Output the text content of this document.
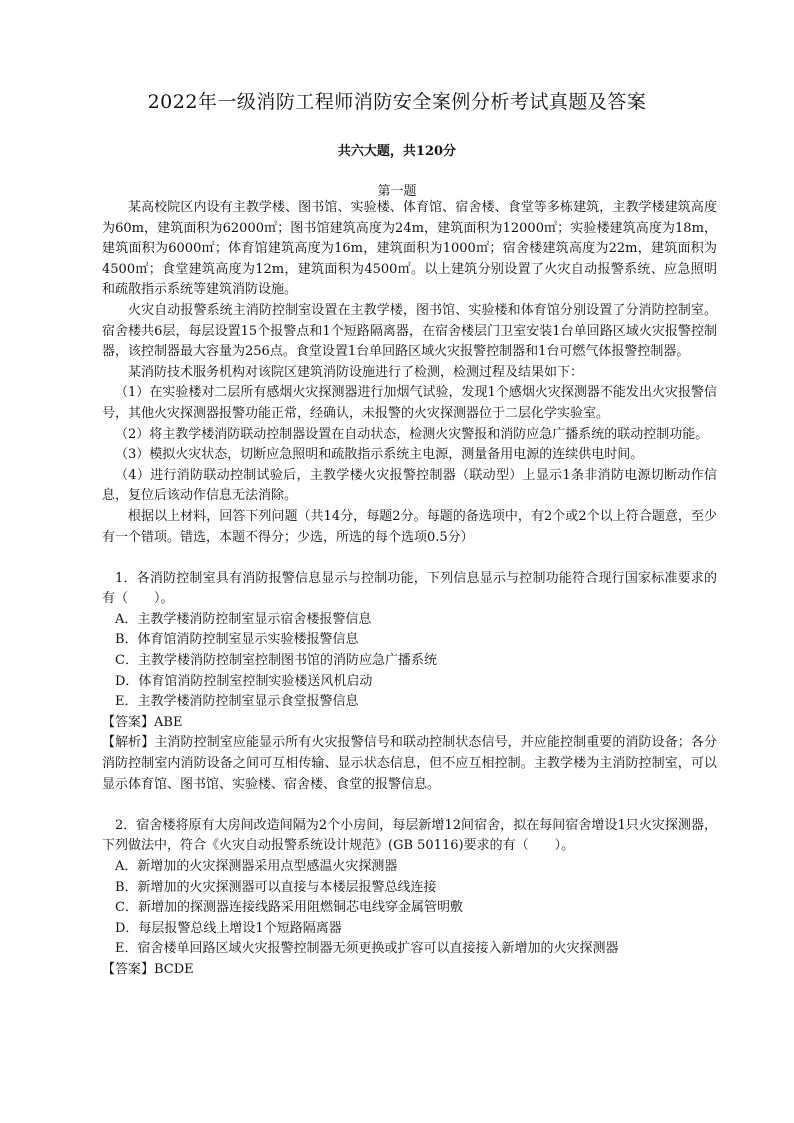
2022年一级消防工程师消防安全案例分析考试真题及答案
共六大题，共120分
第一题

某高校院区内设有主教学楼、图书馆、实验楼、体育馆、宿舍楼、食堂等多栋建筑，主教学楼建筑高度为60m，建筑面积为62000㎡；图书馆建筑高度为24m，建筑面积为12000㎡；实验楼建筑高度为18m，建筑面积为6000㎡；体育馆建筑高度为16m，建筑面积为1000㎡；宿舍楼建筑高度为22m，建筑面积为4500㎡；食堂建筑高度为12m，建筑面积为4500㎡。以上建筑分别设置了火灾自动报警系统、应急照明和疏散指示系统等建筑消防设施。

火灾自动报警系统主消防控制室设置在主教学楼，图书馆、实验楼和体育馆分别设置了分消防控制室。宿舍楼共6层，每层设置15个报警点和1个短路隔离器，在宿舍楼层门卫室安装1台单回路区域火灾报警控制器，该控制器最大容量为256点。食堂设置1台单回路区域火灾报警控制器和1台可燃气体报警控制器。

某消防技术服务机构对该院区建筑消防设施进行了检测，检测过程及结果如下：

（1）在实验楼对二层所有感烟火灾探测器进行加烟气试验，发现1个感烟火灾探测器不能发出火灾报警信号，其他火灾探测器报警功能正常，经确认，未报警的火灾探测器位于二层化学实验室。

（2）将主教学楼消防联动控制器设置在自动状态，检测火灾警报和消防应急广播系统的联动控制功能。

（3）模拟火灾状态，切断应急照明和疏散指示系统主电源，测量备用电源的连续供电时间。

（4）进行消防联动控制试验后，主教学楼火灾报警控制器（联动型）上显示1条非消防电源切断动作信息，复位后该动作信息无法消除。

根据以上材料，回答下列问题（共14分，每题2分。每题的备选项中，有2个或2个以上符合题意，至少有一个错项。错选，本题不得分；少选，所选的每个选项0.5分）

1．各消防控制室具有消防报警信息显示与控制功能，下列信息显示与控制功能符合现行国家标准要求的有（　　）。

A．主教学楼消防控制室显示宿舍楼报警信息

B．体育馆消防控制室显示实验楼报警信息

C．主教学楼消防控制室控制图书馆的消防应急广播系统

D．体育馆消防控制室控制实验楼送风机启动

E．主教学楼消防控制室显示食堂报警信息

【答案】ABE

【解析】主消防控制室应能显示所有火灾报警信号和联动控制状态信号，并应能控制重要的消防设备；各分消防控制室内消防设备之间可互相传输、显示状态信息，但不应互相控制。主教学楼为主消防控制室，可以显示体育馆、图书馆、实验楼、宿舍楼、食堂的报警信息。

2．宿舍楼将原有大房间改造间隔为2个小房间，每层新增12间宿舍，拟在每间宿舍增设1只火灾探测器，下列做法中，符合《火灾自动报警系统设计规范》(GB 50116)要求的有（　　）。

A．新增加的火灾探测器采用点型感温火灾探测器

B．新增加的火灾探测器可以直接与本楼层报警总线连接

C．新增加的探测器连接线路采用阻燃铜芯电线穿金属管明敷

D．每层报警总线上增设1个短路隔离器

E．宿舍楼单回路区域火灾报警控制器无须更换或扩容可以直接接入新增加的火灾探测器

【答案】BCDE
